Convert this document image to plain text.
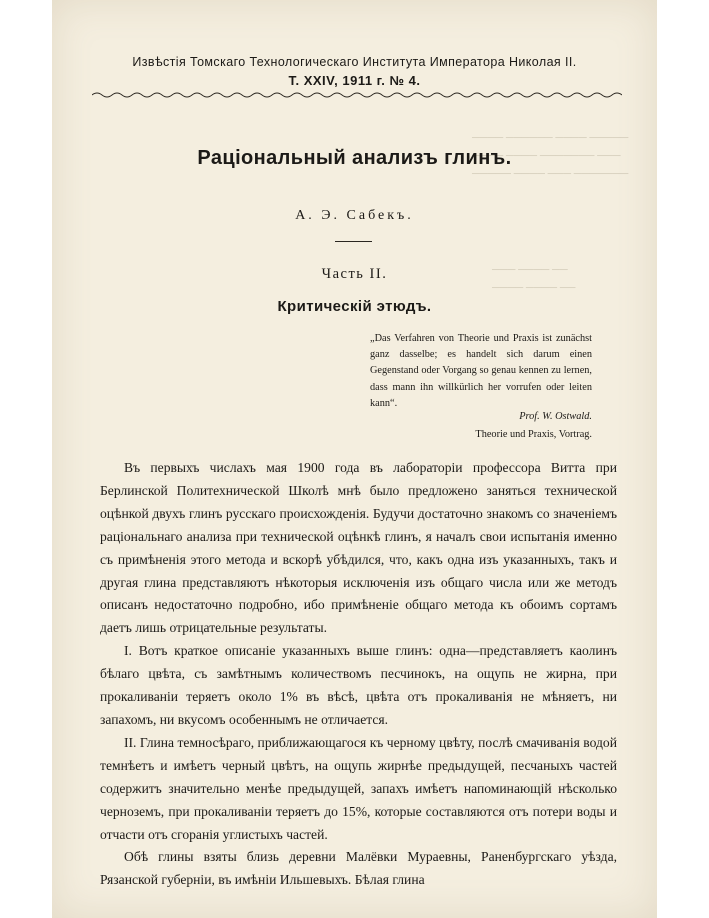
──── ────── ──── ─────
──── ──── ─────── ───
───── ──── ─── ───────
─── ──── ──
──── ──── ──
Извѣстія Томскаго Технологическаго Института Императора Николая II.
Т. XXIV, 1911 г. № 4.
Раціональный анализъ глинъ.
А. Э. Сабекъ.
Часть II.
Критическій этюдъ.
„Das Verfahren von Theorie und Praxis ist zunächst ganz dasselbe; es handelt sich darum einen Gegenstand oder Vorgang so genau kennen zu lernen, dass mann ihn willkürlich her vorrufen oder leiten kann“.
Prof. W. Ostwald.
Theorie und Praxis, Vortrag.

Въ первыхъ числахъ мая 1900 года въ лабораторіи профессора Витта при Берлинской Политехнической Школѣ мнѣ было предложено заняться технической оцѣнкой двухъ глинъ русскаго происхожденія. Будучи достаточно знакомъ со значеніемъ раціональнаго анализа при технической оцѣнкѣ глинъ, я началъ свои испытанія именно съ примѣненія этого метода и вскорѣ убѣдился, что, какъ одна изъ указанныхъ, такъ и другая глина представляютъ нѣкоторыя исключенія изъ общаго числа или же методъ описанъ недостаточно подробно, ибо примѣненіе общаго метода къ обоимъ сортамъ даетъ лишь отрицательные результаты.

I. Вотъ краткое описаніе указанныхъ выше глинъ: одна—представляетъ каолинъ бѣлаго цвѣта, съ замѣтнымъ количествомъ песчинокъ, на ощупь не жирна, при прокаливаніи теряетъ около 1% въ вѣсѣ, цвѣта отъ прокаливанія не мѣняетъ, ни запахомъ, ни вкусомъ особеннымъ не отличается.

II. Глина темносѣраго, приближающагося къ черному цвѣту, послѣ смачиванія водой темнѣетъ и имѣетъ черный цвѣтъ, на ощупь жирнѣе предыдущей, песчаныхъ частей содержитъ значительно менѣе предыдущей, запахъ имѣетъ напоминающій нѣсколько черноземъ, при прокаливаніи теряетъ до 15%, которые составляются отъ потери воды и отчасти отъ сгоранія углистыхъ частей.

Обѣ глины взяты близь деревни Малёвки Мураевны, Раненбургскаго уѣзда, Рязанской губерніи, въ имѣніи Ильшевыхъ. Бѣлая глина
